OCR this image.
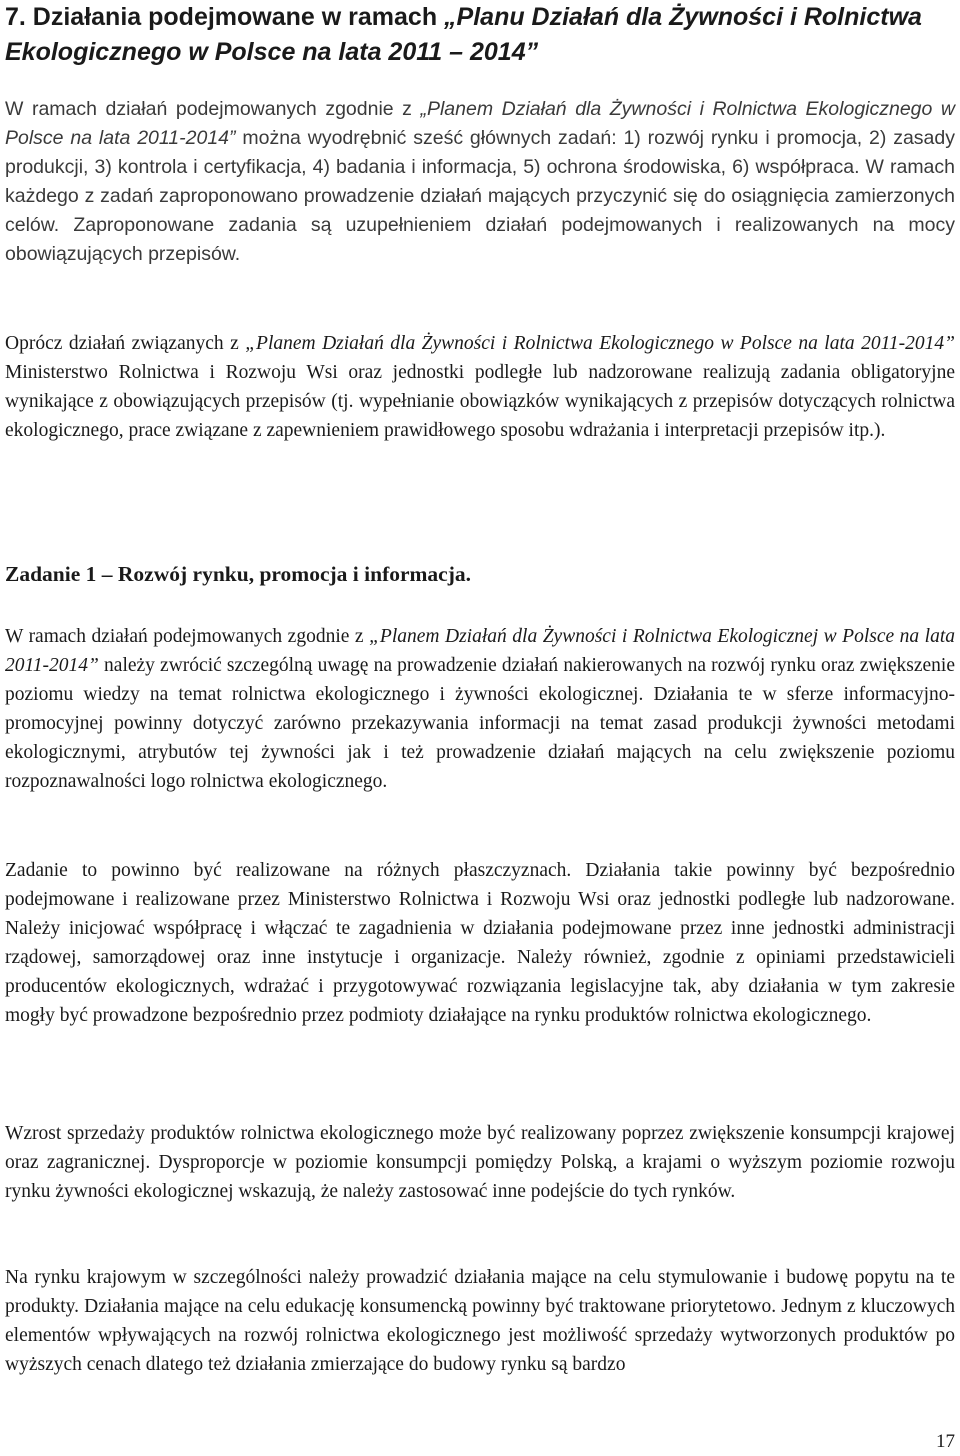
7. Działania podejmowane w ramach „Planu Działań dla Żywności i Rolnictwa Ekologicznego w Polsce na lata 2011 – 2014”

W ramach działań podejmowanych zgodnie z „Planem Działań dla Żywności i Rolnictwa Ekologicznego w Polsce na lata 2011-2014” można wyodrębnić sześć głównych zadań: 1) rozwój rynku i promocja, 2) zasady produkcji, 3) kontrola i certyfikacja, 4) badania i informacja, 5) ochrona środowiska, 6) współpraca. W ramach każdego z zadań zaproponowano prowadzenie działań mających przyczynić się do osiągnięcia zamierzonych celów. Zaproponowane zadania są uzupełnieniem działań podejmowanych i realizowanych na mocy obowiązujących przepisów.

Oprócz działań związanych z „Planem Działań dla Żywności i Rolnictwa Ekologicznego w Polsce na lata 2011-2014” Ministerstwo Rolnictwa i Rozwoju Wsi oraz jednostki podległe lub nadzorowane realizują zadania obligatoryjne wynikające z obowiązujących przepisów (tj. wypełnianie obowiązków wynikających z przepisów dotyczących rolnictwa ekologicznego, prace związane z zapewnieniem prawidłowego sposobu wdrażania i interpretacji przepisów itp.).

Zadanie 1 – Rozwój rynku, promocja i informacja.

W ramach działań podejmowanych zgodnie z „Planem Działań dla Żywności i Rolnictwa Ekologicznej w Polsce na lata 2011-2014” należy zwrócić szczególną uwagę na prowadzenie działań nakierowanych na rozwój rynku oraz zwiększenie poziomu wiedzy na temat rolnictwa ekologicznego i żywności ekologicznej. Działania te w sferze informacyjno-promocyjnej powinny dotyczyć zarówno przekazywania informacji na temat zasad produkcji żywności metodami ekologicznymi, atrybutów tej żywności jak i też prowadzenie działań mających na celu zwiększenie poziomu rozpoznawalności logo rolnictwa ekologicznego.

Zadanie to powinno być realizowane na różnych płaszczyznach. Działania takie powinny być bezpośrednio podejmowane i realizowane przez Ministerstwo Rolnictwa i Rozwoju Wsi oraz jednostki podległe lub nadzorowane. Należy inicjować współpracę i włączać te zagadnienia w działania podejmowane przez inne jednostki administracji rządowej, samorządowej oraz inne instytucje i organizacje. Należy również, zgodnie z opiniami przedstawicieli producentów ekologicznych, wdrażać i przygotowywać rozwiązania legislacyjne tak, aby działania w tym zakresie mogły być prowadzone bezpośrednio przez podmioty działające na rynku produktów rolnictwa ekologicznego.

Wzrost sprzedaży produktów rolnictwa ekologicznego może być realizowany poprzez zwiększenie konsumpcji krajowej oraz zagranicznej. Dysproporcje w poziomie konsumpcji pomiędzy Polską, a krajami o wyższym poziomie rozwoju rynku żywności ekologicznej wskazują, że należy zastosować inne podejście do tych rynków.

Na rynku krajowym w szczególności należy prowadzić działania mające na celu stymulowanie i budowę popytu na te produkty. Działania mające na celu edukację konsumencką powinny być traktowane priorytetowo. Jednym z kluczowych elementów wpływających na rozwój rolnictwa ekologicznego jest możliwość sprzedaży wytworzonych produktów po wyższych cenach dlatego też działania zmierzające do budowy rynku są bardzo

17
